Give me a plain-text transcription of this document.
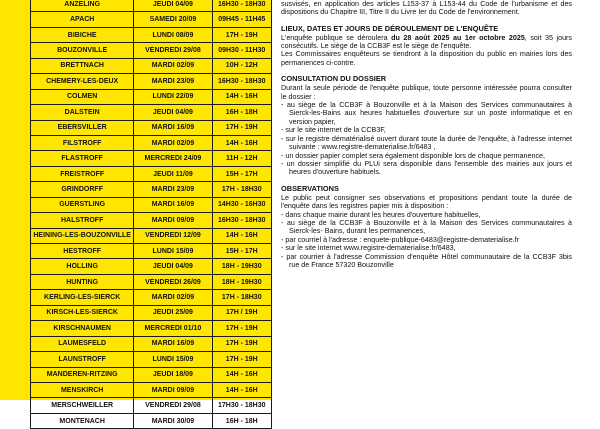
ANZELING	JEUDI 04/09	16H30 - 18H30
APACH	SAMEDI 20/09	09H45 - 11H45
BIBICHE	LUNDI 08/09	17H - 19H
BOUZONVILLE	VENDREDI 29/08	09H30 - 11H30
BRETTNACH	MARDI 02/09	10H - 12H
CHEMERY-LES-DEUX	MARDI 23/09	16H30 - 18H30
COLMEN	LUNDI 22/09	14H - 16H
DALSTEIN	JEUDI 04/09	16H - 18H
EBERSVILLER	MARDI 16/09	17H - 19H
FILSTROFF	MARDI 02/09	14H - 16H
FLASTROFF	MERCREDI 24/09	11H - 12H
FREISTROFF	JEUDI 11/09	15H - 17H
GRINDORFF	MARDI 23/09	17H - 18H30
GUERSTLING	MARDI 16/09	14H30 - 16H30
HALSTROFF	MARDI 09/09	16H30 - 18H30
HEINING-LES-BOUZONVILLE	VENDREDI 12/09	14H - 16H
HESTROFF	LUNDI 15/09	15H - 17H
HOLLING	JEUDI 04/09	18H - 19H30
HUNTING	VENDREDI 26/09	18H - 19H30
KERLING-LES-SIERCK	MARDI 02/09	17H - 18H30
KIRSCH-LES-SIERCK	JEUDI 25/09	17H / 19H
KIRSCHNAUMEN	MERCREDI 01/10	17H - 19H
LAUMESFELD	MARDI 16/09	17H - 19H
LAUNSTROFF	LUNDI 15/09	17H - 19H
MANDEREN-RITZING	JEUDI 18/09	14H - 16H
MENSKIRCH	MARDI 09/09	14H - 16H
MERSCHWEILLER	VENDREDI 29/08	17H30 - 18H30
MONTENACH	MARDI 30/09	16H - 18H

susvisés, en application des articles L153-37 à L153-44 du Code de l'urbanisme et des dispositions du Chapitre III, Titre II du Livre Ier du Code de l'environnement.

LIEUX, DATES ET JOURS DE DÉROULEMENT DE L'ENQUÊTE

L'enquête publique se déroulera du 28 août 2025 au 1er octobre 2025, soit 35 jours consécutifs. Le siège de la CCB3F est le siège de l'enquête.

Les Commissaires enquêteurs se tiendront à la disposition du public en mairies lors des permanences ci-contre.

CONSULTATION DU DOSSIER

Durant la seule période de l'enquête publique, toute personne intéressée pourra consulter le dossier :

- au siège de la CCB3F à Bouzonville et à la Maison des Services communautaires à Sierck-les-Bains aux heures habituelles d'ouverture sur un poste informatique et en version papier,
- sur le site internet de la CCB3F,
- sur le registre dématérialisé ouvert durant toute la durée de l'enquête, à l'adresse internet suivante : www.registre-dematerialise.fr/6483 ,
- un dossier papier complet sera également disponible lors de chaque permanence,
- un dossier simplifié du PLUi sera disponible dans l'ensemble des mairies aux jours et heures d'ouverture habituels.

OBSERVATIONS

Le public peut consigner ses observations et propositions pendant toute la durée de l'enquête dans les registres papier mis à disposition :

- dans chaque mairie durant les heures d'ouverture habituelles,
- au siège de la CCB3F à Bouzonville et à la Maison des Services communautaires à Sierck-les- Bains, durant les permanences,
- par courriel à l'adresse : enquete-publique-6483@registre-dematerialise.fr
- sur le site internet www.registre-dematerialise.fr/6483,
- par courrier à l'adresse Commission d'enquête Hôtel communautaire de la CCB3F 3bis rue de France 57320 Bouzonville
